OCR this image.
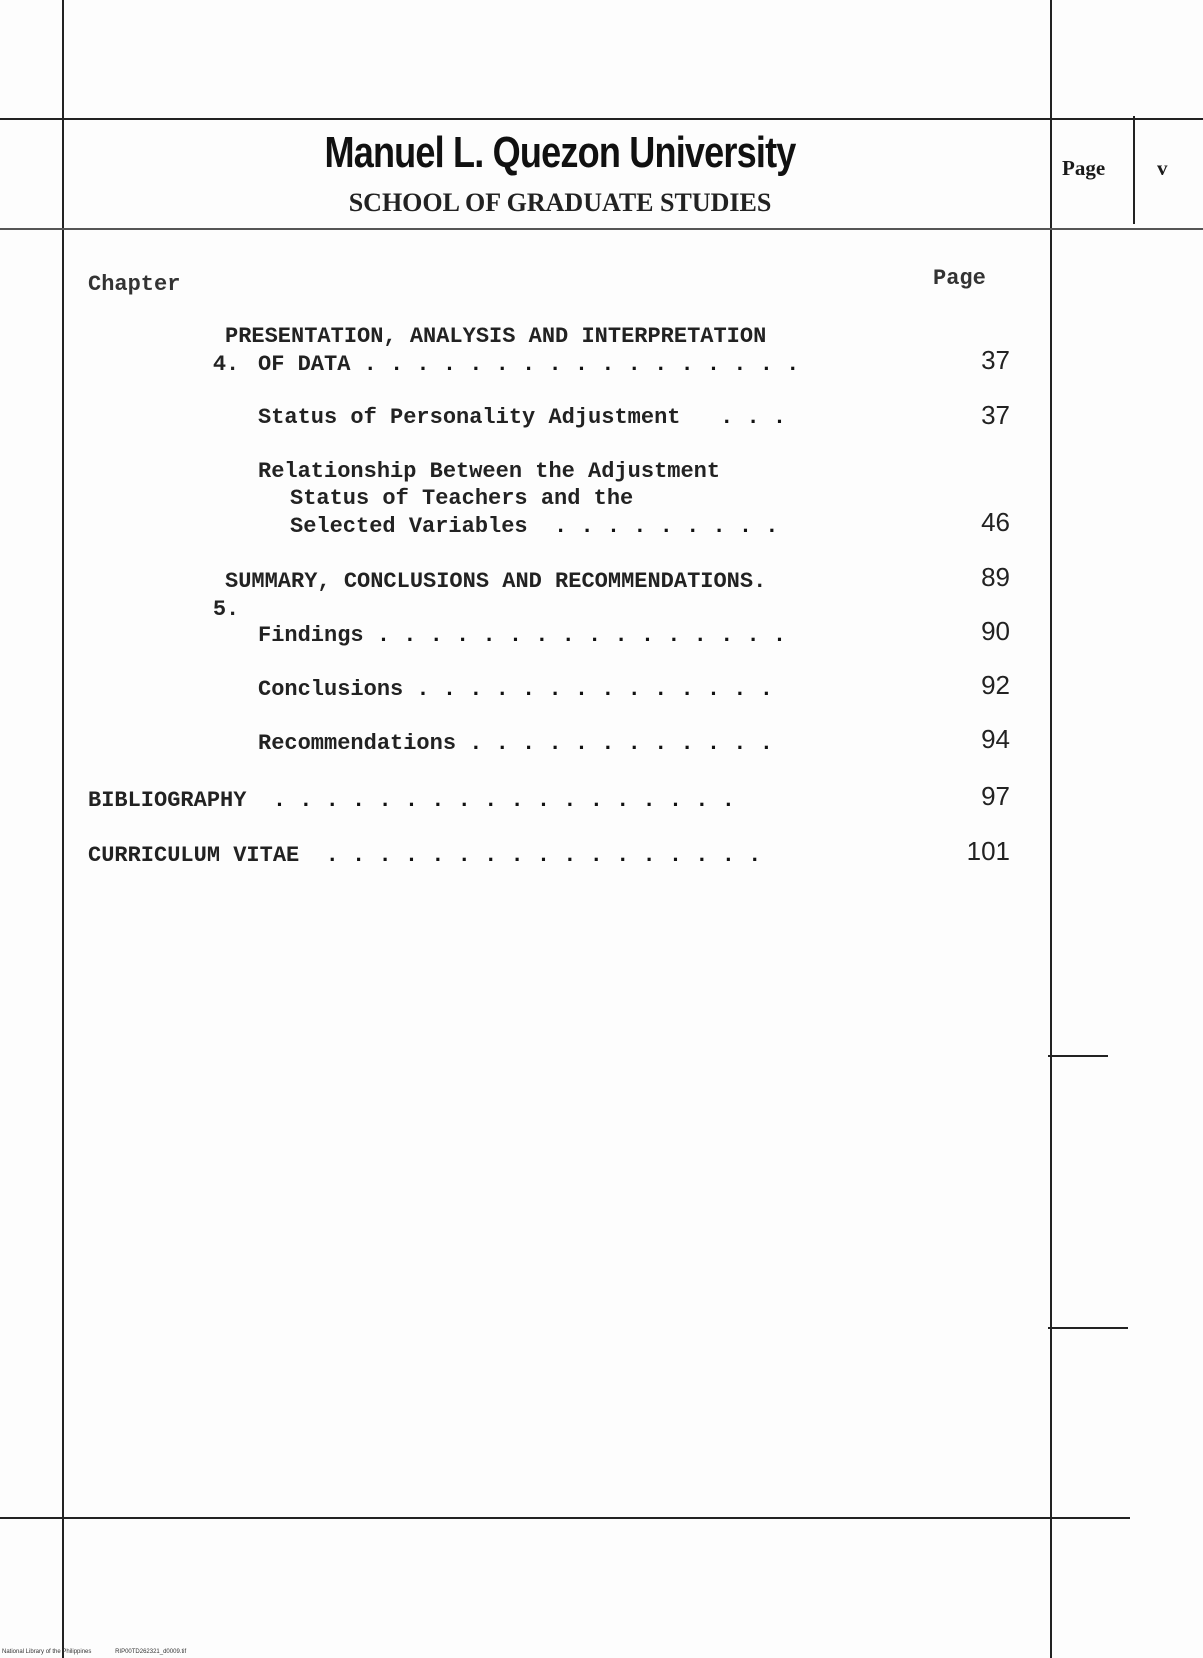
Manuel L. Quezon University
SCHOOL OF GRADUATE STUDIES
Page v
Chapter	Page

4.

PRESENTATION, ANALYSIS AND INTERPRETATION
OF DATA . . . . . . . . . . . . . . . . .	37
Status of Personality Adjustment   . . .	37
Relationship Between the Adjustment
Status of Teachers and the
Selected Variables  . . . . . . . . .	46

5.

SUMMARY, CONCLUSIONS AND RECOMMENDATIONS.	89
Findings . . . . . . . . . . . . . . . .	90
Conclusions . . . . . . . . . . . . . .	92
Recommendations . . . . . . . . . . . .	94
BIBLIOGRAPHY  . . . . . . . . . . . . . . . . . .	97
CURRICULUM VITAE  . . . . . . . . . . . . . . . . .	101
National Library of the Philippines	RIP00TD262321_d0009.tif
